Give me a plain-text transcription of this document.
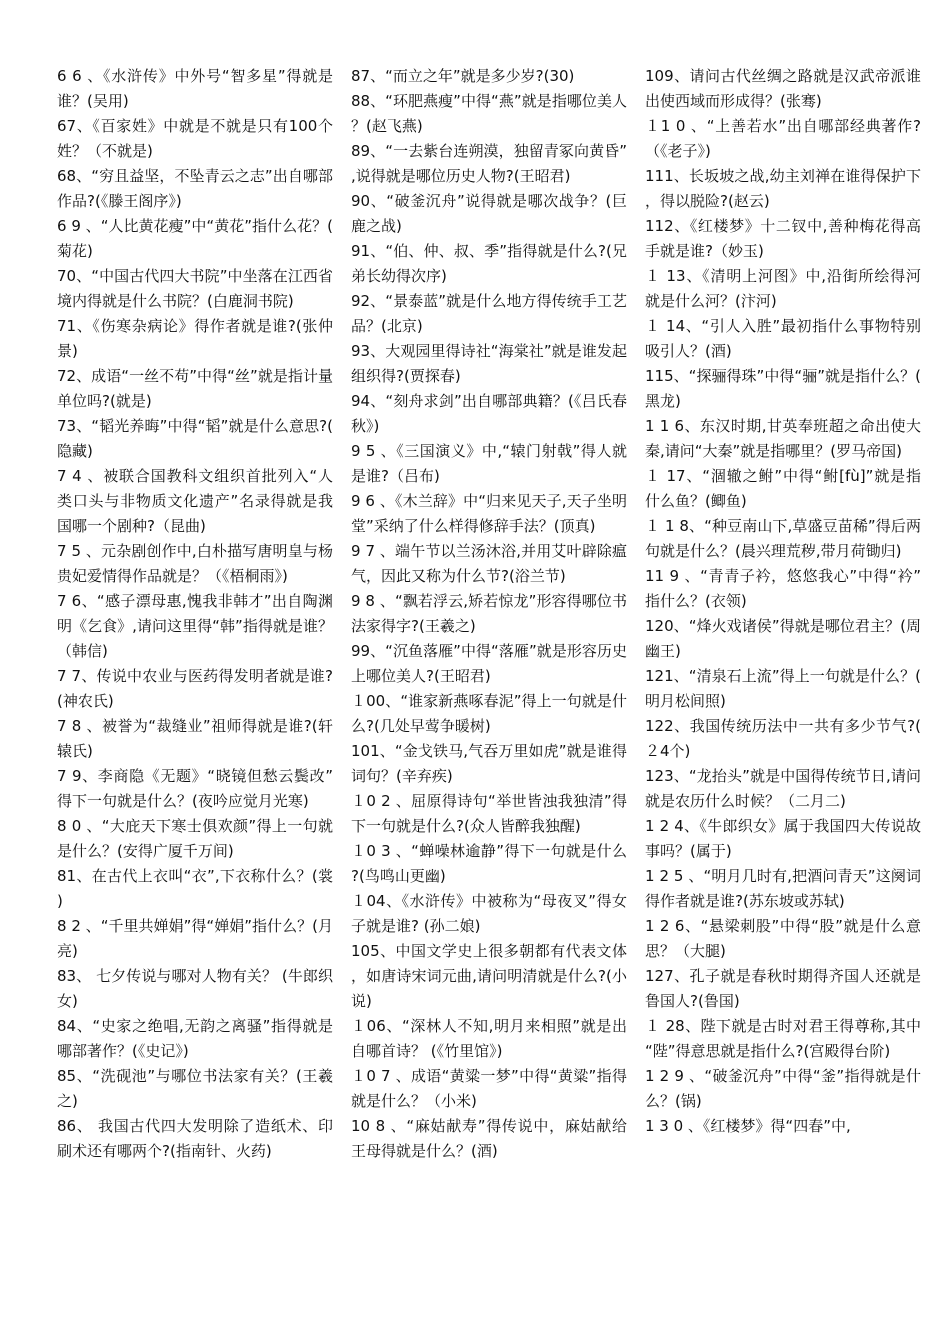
6 6 、《水浒传》中外号“智多星”得就是谁？(吴用)

67、《百家姓》中就是不就是只有100个姓？（不就是)

68、“穷且益坚，不坠青云之志”出自哪部作品?(《滕王阁序》)

6 9 、“人比黄花瘦”中“黄花”指什么花？(菊花)

70、“中国古代四大书院”中坐落在江西省境内得就是什么书院？(白鹿洞书院)

71、《伤寒杂病论》得作者就是谁?(张仲景)

72、成语“一丝不苟”中得“丝”就是指计量单位吗?(就是)

73、“韬光养晦”中得“韬”就是什么意思?(隐藏)

7 4 、被联合国教科文组织首批列入“人类口头与非物质文化遗产”名录得就是我国哪一个剧种?（昆曲)

7 5 、元杂剧创作中,白朴描写唐明皇与杨贵妃爱情得作品就是？（《梧桐雨》)

7 6、“感子漂母惠,愧我非韩才”出自陶渊明《乞食》,请问这里得“韩”指得就是谁？（韩信)

7 7、传说中农业与医药得发明者就是谁?(神农氏)

7 8 、被誉为“裁缝业”祖师得就是谁?(轩辕氏)

7 9、李商隐《无题》“晓镜但愁云鬓改”得下一句就是什么？(夜吟应觉月光寒)

8 0 、“大庇天下寒士俱欢颜”得上一句就是什么？(安得广厦千万间)

81、在古代上衣叫“衣”,下衣称什么？(裳)

8 2 、“千里共婵娟”得“婵娟”指什么？(月亮)

83、 七夕传说与哪对人物有关？ (牛郎织女)

84、“史家之绝唱,无韵之离骚”指得就是哪部著作？(《史记》)

85、“洗砚池”与哪位书法家有关？(王羲之)

86、 我国古代四大发明除了造纸术、印刷术还有哪两个?(指南针、火药)

87、“而立之年”就是多少岁?(30)

88、“环肥燕瘦”中得“燕”就是指哪位美人？(赵飞燕)

89、“一去紫台连朔漠，独留青冢向黄昏”,说得就是哪位历史人物?(王昭君)

90、“破釜沉舟”说得就是哪次战争？(巨鹿之战)

91、“伯、仲、叔、季”指得就是什么?(兄弟长幼得次序)

92、“景泰蓝”就是什么地方得传统手工艺品？(北京)

93、大观园里得诗社“海棠社”就是谁发起组织得?(贾探春)

94、“刻舟求剑”出自哪部典籍？(《吕氏春秋》)

9 5 、《三国演义》中,“辕门射戟”得人就是谁?（吕布)

9 6 、《木兰辞》中“归来见天子,天子坐明堂”采纳了什么样得修辞手法？(顶真)

9 7 、端午节以兰汤沐浴,并用艾叶辟除瘟气，因此又称为什么节?(浴兰节)

9 8 、“飘若浮云,矫若惊龙”形容得哪位书法家得字?(王羲之)

99、“沉鱼落雁”中得“落雁”就是形容历史上哪位美人?(王昭君)

１00、“谁家新燕啄春泥”得上一句就是什么?(几处早莺争暖树)

101、“金戈铁马,气吞万里如虎”就是谁得词句？(辛弃疾)

１0 2 、屈原得诗句“举世皆浊我独清”得下一句就是什么?(众人皆醉我独醒)

１0 3 、“蝉噪林逾静”得下一句就是什么?(鸟鸣山更幽)

１04、《水浒传》中被称为“母夜叉”得女子就是谁? (孙二娘)

105、中国文学史上很多朝都有代表文体，如唐诗宋词元曲,请问明清就是什么?(小说)

１06、“深林人不知,明月来相照”就是出自哪首诗？ (《竹里馆》)

１0 7 、成语“黄粱一梦”中得“黄粱”指得就是什么？（小米)

10 8 、“麻姑献寿”得传说中，麻姑献给王母得就是什么？(酒)

109、请问古代丝绸之路就是汉武帝派谁出使西域而形成得？(张骞)

１1 0 、“上善若水”出自哪部经典著作?（《老子》)

111、长坂坡之战,幼主刘禅在谁得保护下，得以脱险?(赵云)

112、《红楼梦》十二钗中,善种梅花得高手就是谁?（妙玉)

１ 13、《清明上河图》中,沿街所绘得河就是什么河？(汴河)

１ 14、“引人入胜”最初指什么事物特别吸引人？(酒)

115、“探骊得珠”中得“骊”就是指什么？(黑龙)

1 1 6、东汉时期,甘英奉班超之命出使大秦,请问“大秦”就是指哪里？(罗马帝国)

１ 17、“涸辙之鲋”中得“鲋[fù]”就是指什么鱼？(鲫鱼)

１ 1 8、“种豆南山下,草盛豆苗稀”得后两句就是什么？(晨兴理荒秽,带月荷锄归)

11 9 、“青青子衿，悠悠我心”中得“衿”指什么？(衣领)

120、“烽火戏诸侯”得就是哪位君主？(周幽王)

121、“清泉石上流”得上一句就是什么？(明月松间照)

122、我国传统历法中一共有多少节气?(２4个)

123、“龙抬头”就是中国得传统节日,请问就是农历什么时候？（二月二)

1 2 4、《牛郎织女》属于我国四大传说故事吗？(属于)

1 2 5 、“明月几时有,把酒问青天”这阕词得作者就是谁?(苏东坡或苏轼)

1 2 6、“悬梁刺股”中得“股”就是什么意思？（大腿)

127、孔子就是春秋时期得齐国人还就是鲁国人?(鲁国)

１ 28、陛下就是古时对君王得尊称,其中“陛”得意思就是指什么?(宫殿得台阶)

1 2 9 、“破釜沉舟”中得“釜”指得就是什么？(锅)

1 3 0 、《红楼梦》得“四春”中,
